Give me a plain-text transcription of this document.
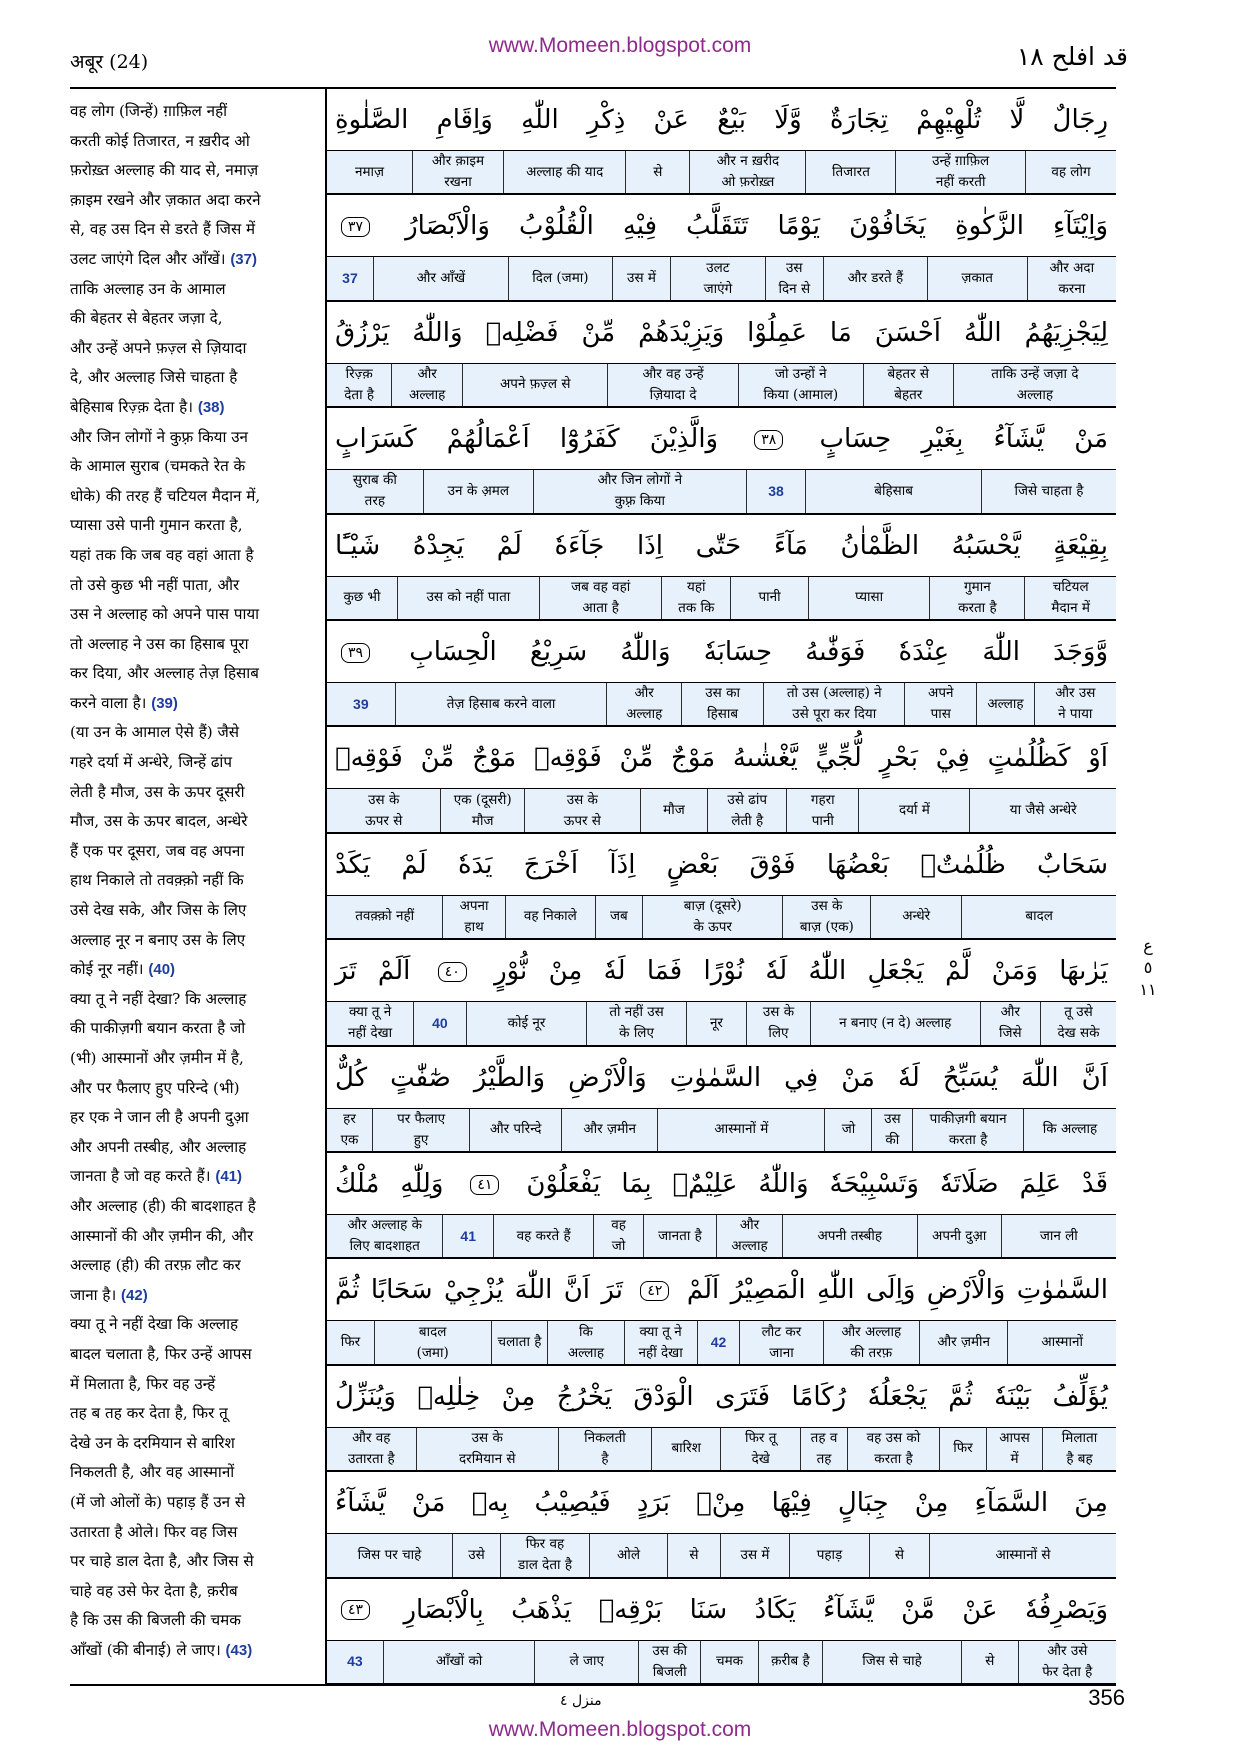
www.Momeen.blogspot.com
अबूर (24)	قد افلح ١٨
वह लोग (जिन्हें) ग़ाफ़िल नहीं
करती कोई तिजारत, न ख़रीद ओ
फ़रोख़्त अल्लाह की याद से, नमाज़
क़ाइम रखने और ज़कात अदा करने
से, वह उस दिन से डरते हैं जिस में
उलट जाएंगे दिल और आँखें। (37)
ताकि अल्लाह उन के आमाल
की बेहतर से बेहतर जज़ा दे,
और उन्हें अपने फ़ज़्ल से ज़ियादा
दे, और अल्लाह जिसे चाहता है
बेहिसाब रिज़्क़ देता है। (38)
और जिन लोगों ने कुफ़्र किया उन
के आमाल सुराब (चमकते रेत के
धोके) की तरह हैं चटियल मैदान में,
प्यासा उसे पानी गुमान करता है,
यहां तक कि जब वह वहां आता है
तो उसे कुछ भी नहीं पाता, और
उस ने अल्लाह को अपने पास पाया
तो अल्लाह ने उस का हिसाब पूरा
कर दिया, और अल्लाह तेज़ हिसाब
करने वाला है। (39)
(या उन के आमाल ऐसे हैं) जैसे
गहरे दर्या में अन्धेरे, जिन्हें ढांप
लेती है मौज, उस के ऊपर दूसरी
मौज, उस के ऊपर बादल, अन्धेरे
हैं एक पर दूसरा, जब वह अपना
हाथ निकाले तो तवक़्क़ो नहीं कि
उसे देख सके, और जिस के लिए
अल्लाह नूर न बनाए उस के लिए
कोई नूर नहीं। (40)
क्या तू ने नहीं देखा? कि अल्लाह
की पाकीज़गी बयान करता है जो
(भी) आस्मानों और ज़मीन में है,
और पर फैलाए हुए परिन्दे (भी)
हर एक ने जान ली है अपनी दुआ़
और अपनी तस्बीह, और अल्लाह
जानता है जो वह करते हैं। (41)
और अल्लाह (ही) की बादशाहत है
आस्मानों की और ज़मीन की, और
अल्लाह (ही) की तरफ़ लौट कर
जाना है। (42)
क्या तू ने नहीं देखा कि अल्लाह
बादल चलाता है, फिर उन्हें आपस
में मिलाता है, फिर वह उन्हें
तह ब तह कर देता है, फिर तू
देखे उन के दरमियान से बारिश
निकलती है, और वह आस्मानों
(में जो ओलों के) पहाड़ हैं उन से
उतारता है ओले। फिर वह जिस
पर चाहे डाल देता है, और जिस से
चाहे वह उसे फेर देता है, क़रीब
है कि उस की बिजली की चमक
आँखों (की बीनाई) ले जाए। (43)
رِجَالٌ لَّا تُلْهِيْهِمْ تِجَارَةٌ وَّلَا بَيْعٌ عَنْ ذِكْرِ اللّٰهِ وَاِقَامِ الصَّلٰوةِ
वह लोग
उन्हें ग़ाफ़िल
नहीं करती
तिजारत
और न ख़रीद
ओ फ़रोख़्त
से
अल्लाह की याद
और क़ाइम
रखना
नमाज़
وَاِيْتَآءِ الزَّكٰوةِ يَخَافُوْنَ يَوْمًا تَتَقَلَّبُ فِيْهِ الْقُلُوْبُ وَالْاَبْصَارُ ٣٧
और अदा
करना
ज़कात
और डरते हैं
उस
दिन से
उलट
जाएंगे
उस में
दिल (जमा)
और आँखें
37
لِيَجْزِيَهُمُ اللّٰهُ اَحْسَنَ مَا عَمِلُوْا وَيَزِيْدَهُمْ مِّنْ فَضْلِهٖ وَاللّٰهُ يَرْزُقُ
ताकि उन्हें जज़ा दे
अल्लाह
बेहतर से
बेहतर
जो उन्हों ने
किया (आमाल)
और वह उन्हें
ज़ियादा दे
अपने फ़ज़्ल से
और
अल्लाह
रिज़्क़
देता है
مَنْ يَّشَآءُ بِغَيْرِ حِسَابٍ ٣٨ وَالَّذِيْنَ كَفَرُوْٓا اَعْمَالُهُمْ كَسَرَابٍ
जिसे चाहता है
बेहिसाब
38
और जिन लोगों ने
कुफ़्र किया
उन के अ़मल
सुराब की
तरह
بِقِيْعَةٍ يَّحْسَبُهُ الظَّمْاٰنُ مَآءً حَتّٰى اِذَا جَآءَهٗ لَمْ يَجِدْهُ شَيْـًٔا
चटियल
मैदान में
गुमान
करता है
प्यासा
पानी
यहां
तक कि
जब वह वहां
आता है
उस को नहीं पाता
कुछ भी
وَّوَجَدَ اللّٰهَ عِنْدَهٗ فَوَفّٰىهُ حِسَابَهٗ وَاللّٰهُ سَرِيْعُ الْحِسَابِ ٣٩
और उस
ने पाया
अल्लाह
अपने
पास
तो उस (अल्लाह) ने
उसे पूरा कर दिया
उस का
हिसाब
और
अल्लाह
तेज़ हिसाब करने वाला
39
اَوْ كَظُلُمٰتٍ فِيْ بَحْرٍ لُّجِّيٍّ يَّغْشٰىهُ مَوْجٌ مِّنْ فَوْقِهٖ مَوْجٌ مِّنْ فَوْقِهٖ
या जैसे अन्धेरे
दर्या में
गहरा
पानी
उसे ढांप
लेती है
मौज
उस के
ऊपर से
एक (दूसरी)
मौज
उस के
ऊपर से
سَحَابٌ ظُلُمٰتٌۢ بَعْضُهَا فَوْقَ بَعْضٍ اِذَآ اَخْرَجَ يَدَهٗ لَمْ يَكَدْ
बादल
अन्धेरे
उस के
बाज़ (एक)
बाज़ (दूसरे)
के ऊपर
जब
वह निकाले
अपना
हाथ
तवक़्क़ो नहीं
يَرٰىهَا وَمَنْ لَّمْ يَجْعَلِ اللّٰهُ لَهٗ نُوْرًا فَمَا لَهٗ مِنْ نُّوْرٍ ٤٠ اَلَمْ تَرَ
तू उसे
देख सके
और
जिसे
न बनाए (न दे) अल्लाह
उस के
लिए
नूर
तो नहीं उस
के लिए
कोई नूर
40
क्या तू ने
नहीं देखा
اَنَّ اللّٰهَ يُسَبِّحُ لَهٗ مَنْ فِي السَّمٰوٰتِ وَالْاَرْضِ وَالطَّيْرُ صٰٓفّٰتٍ كُلٌّ
कि अल्लाह
पाकीज़गी बयान
करता है
उस
की
जो
आस्मानों में
और ज़मीन
और परिन्दे
पर फैलाए
हुए
हर
एक
قَدْ عَلِمَ صَلَاتَهٗ وَتَسْبِيْحَهٗ وَاللّٰهُ عَلِيْمٌۢ بِمَا يَفْعَلُوْنَ ٤١ وَلِلّٰهِ مُلْكُ
जान ली
अपनी दुआ़
अपनी तस्बीह
और
अल्लाह
जानता है
वह
जो
वह करते हैं
41
और अल्लाह के
लिए बादशाहत
السَّمٰوٰتِ وَالْاَرْضِ وَاِلَى اللّٰهِ الْمَصِيْرُ اَلَمْ ٤٢ تَرَ اَنَّ اللّٰهَ يُزْجِيْ سَحَابًا ثُمَّ
आस्मानों
और ज़मीन
और अल्लाह
की तरफ़
लौट कर
जाना
42
क्या तू ने
नहीं देखा
कि
अल्लाह
चलाता है
बादल
(जमा)
फिर
يُؤَلِّفُ بَيْنَهٗ ثُمَّ يَجْعَلُهٗ رُكَامًا فَتَرَى الْوَدْقَ يَخْرُجُ مِنْ خِلٰلِهٖ وَيُنَزِّلُ
मिलाता
है बह
आपस
में
फिर
वह उस को
करता है
तह व
तह
फिर तू
देखे
बारिश
निकलती
है
उस के
दरमियान से
और वह
उतारता है
مِنَ السَّمَآءِ مِنْ جِبَالٍ فِيْهَا مِنْۢ بَرَدٍ فَيُصِيْبُ بِهٖ مَنْ يَّشَآءُ
आस्मानों से
से
पहाड़
उस में
से
ओले
फिर वह
डाल देता है
उसे
जिस पर चाहे
وَيَصْرِفُهٗ عَنْ مَّنْ يَّشَآءُ يَكَادُ سَنَا بَرْقِهٖ يَذْهَبُ بِالْاَبْصَارِ ٤٣
और उसे
फेर देता है
से
जिस से चाहे
क़रीब है
चमक
उस की
बिजली
ले जाए
आँखों को
43
ع
٥
١١
منزل ٤	356
www.Momeen.blogspot.com
